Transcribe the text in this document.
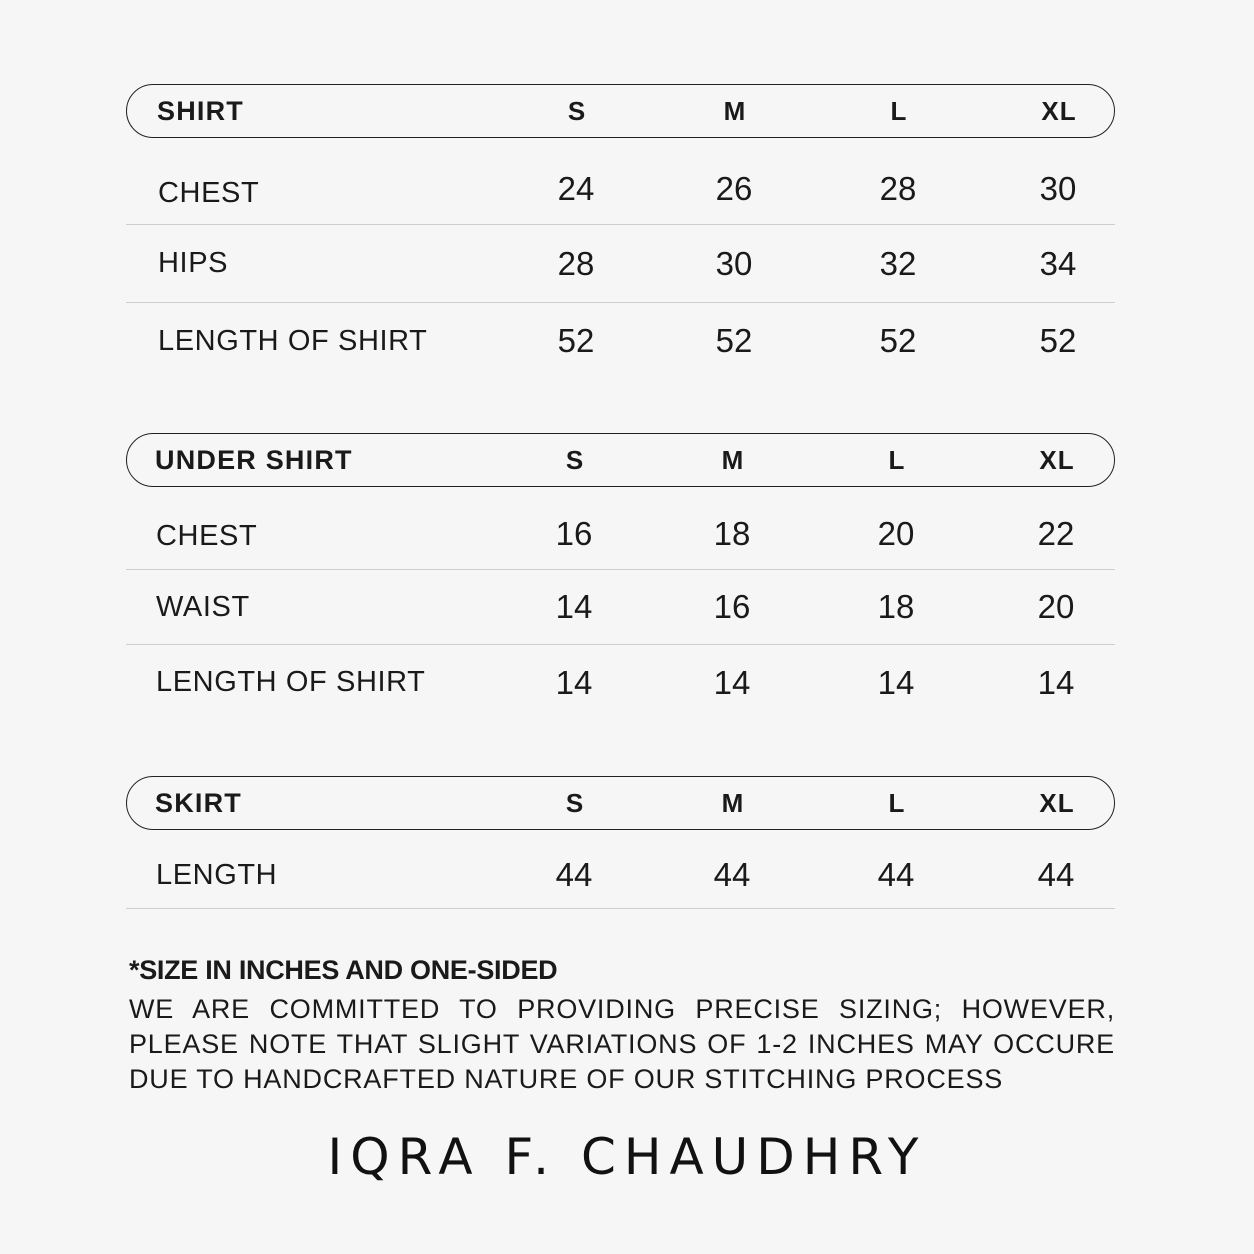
SHIRT	S	M	L	XL
CHEST	24	26	28	30
HIPS	28	30	32	34
LENGTH OF SHIRT	52	52	52	52
UNDER SHIRT	S	M	L	XL
CHEST	16	18	20	22
WAIST	14	16	18	20
LENGTH OF SHIRT	14	14	14	14
SKIRT	S	M	L	XL
LENGTH	44	44	44	44
*SIZE IN INCHES AND ONE-SIDED

WE ARE COMMITTED TO PROVIDING PRECISE SIZING; HOWEVER, PLEASE NOTE THAT SLIGHT VARIATIONS OF 1-2 INCHES MAY OCCURE DUE TO HANDCRAFTED NATURE OF OUR STITCHING PROCESS

IQRA F. CHAUDHRY
